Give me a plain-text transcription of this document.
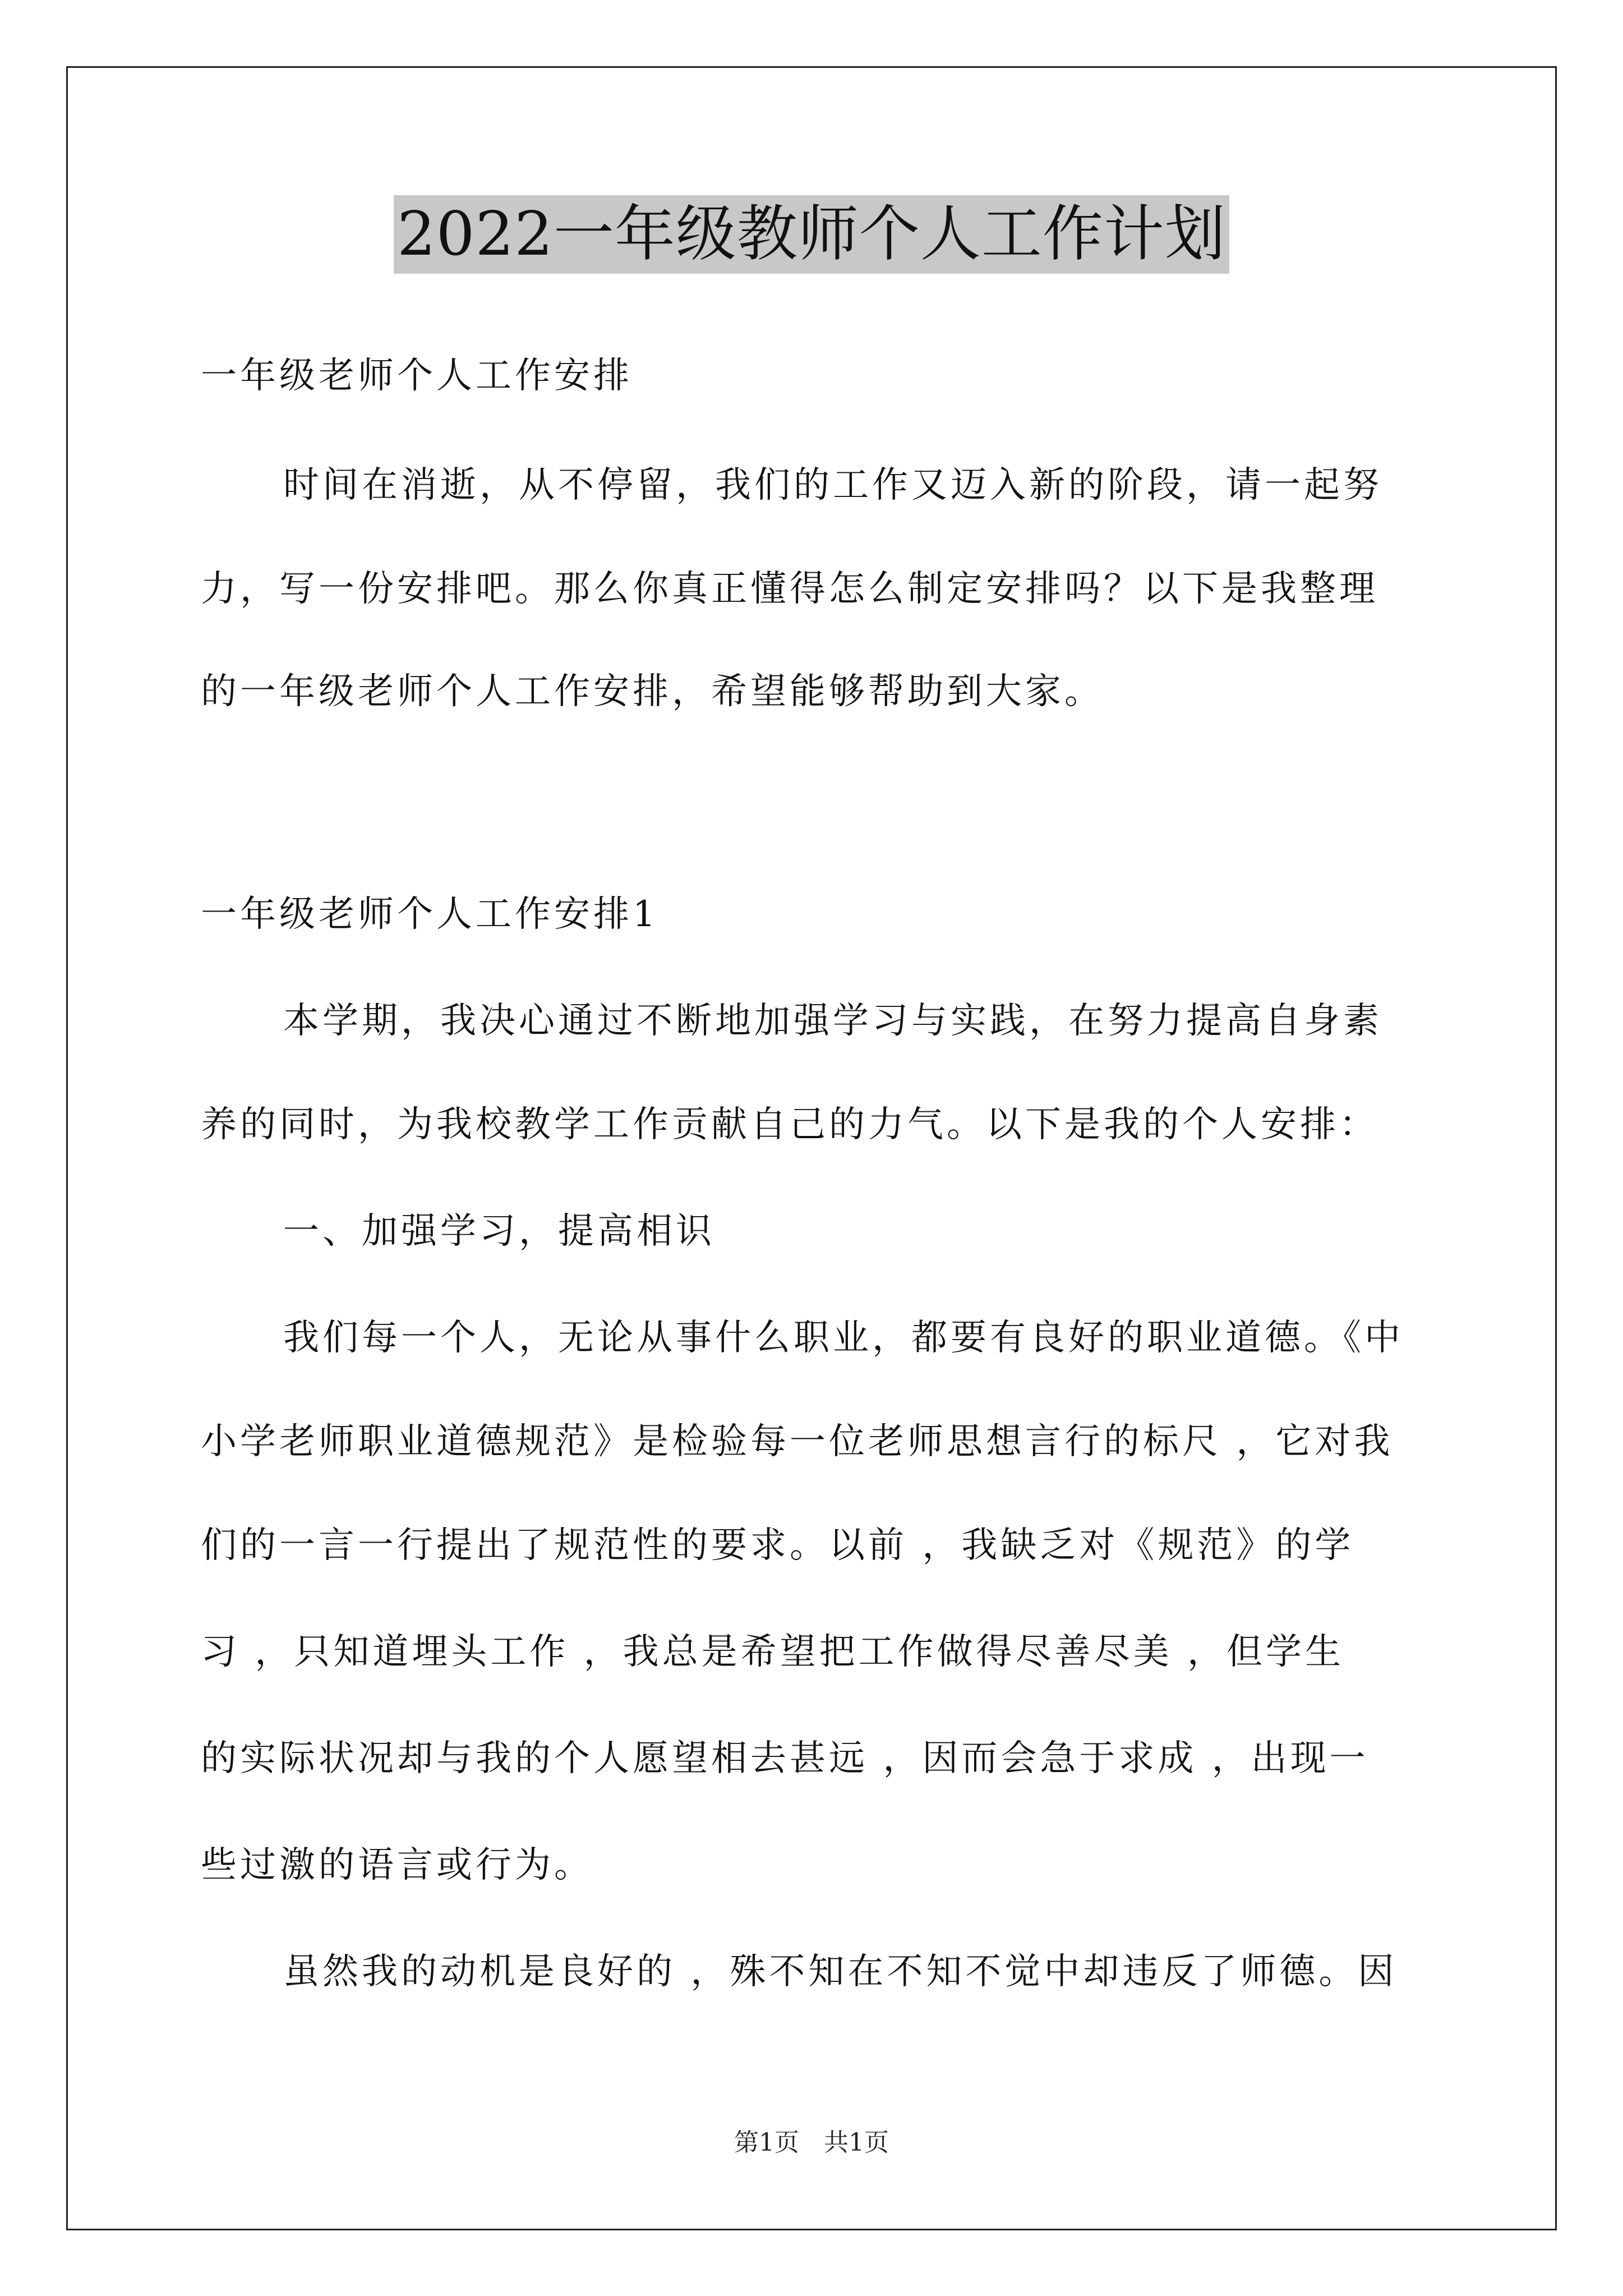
2022一年级教师个人工作计划
一年级老师个人工作安排
时间在消逝，从不停留，我们的工作又迈入新的阶段，请一起努
力，写一份安排吧。那么你真正懂得怎么制定安排吗？以下是我整理
的一年级老师个人工作安排，希望能够帮助到大家。
一年级老师个人工作安排1
本学期，我决心通过不断地加强学习与实践，在努力提高自身素
养的同时，为我校教学工作贡献自己的力气。以下是我的个人安排：
一、加强学习，提高相识
我们每一个人，无论从事什么职业，都要有良好的职业道德。《中
小学老师职业道德规范》是检验每一位老师思想言行的标尺 ，它对我
们的一言一行提出了规范性的要求。以前 ，我缺乏对《规范》的学
习 ，只知道埋头工作 ，我总是希望把工作做得尽善尽美 ，但学生
的实际状况却与我的个人愿望相去甚远 ，因而会急于求成 ，出现一
些过激的语言或行为。
虽然我的动机是良好的 ，殊不知在不知不觉中却违反了师德。因
第1页　共1页
